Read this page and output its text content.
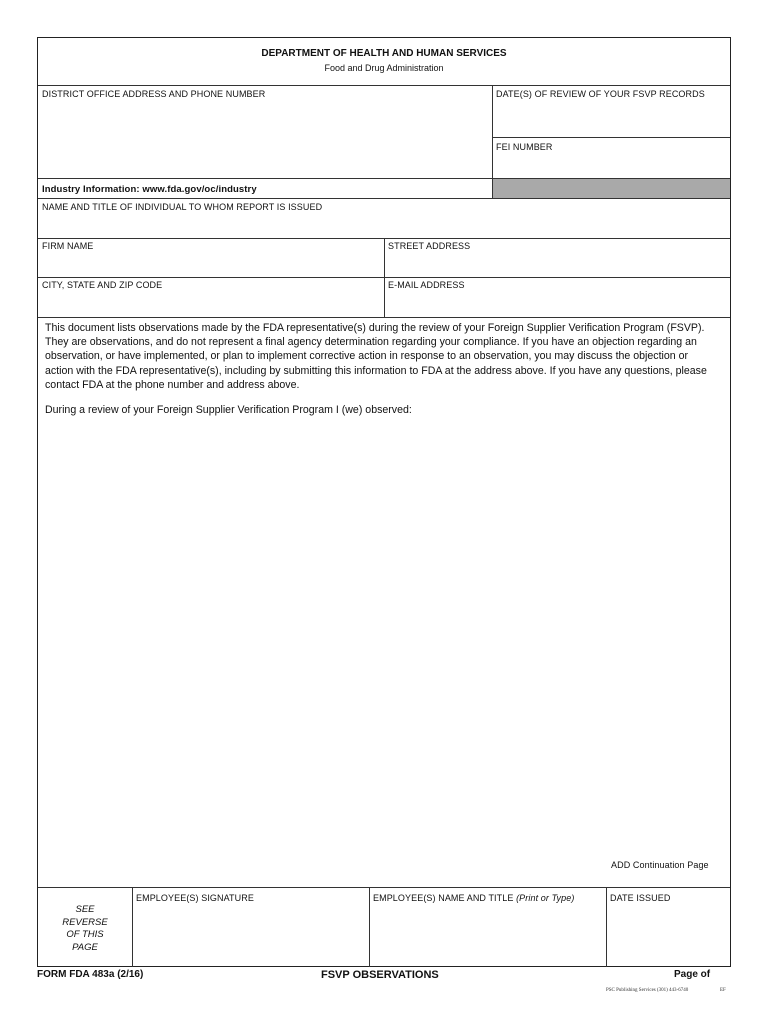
DEPARTMENT OF HEALTH AND HUMAN SERVICES
Food and Drug Administration
DISTRICT OFFICE ADDRESS AND PHONE NUMBER	DATE(S) OF REVIEW OF YOUR FSVP RECORDS
FEI NUMBER
Industry Information: www.fda.gov/oc/industry
NAME AND TITLE OF INDIVIDUAL TO WHOM REPORT IS ISSUED
FIRM NAME	STREET ADDRESS
CITY, STATE AND ZIP CODE	E-MAIL ADDRESS
This document lists observations made by the FDA representative(s) during the review of your Foreign Supplier Verification Program (FSVP). They are observations, and do not represent a final agency determination regarding your compliance. If you have an objection regarding an observation, or have implemented, or plan to implement corrective action in response to an observation, you may discuss the objection or action with the FDA representative(s), including by submitting this information to FDA at the address above. If you have any questions, please contact FDA at the phone number and address above.
During a review of your Foreign Supplier Verification Program I (we) observed:
ADD Continuation Page
SEE
REVERSE
OF THIS
PAGE
EMPLOYEE(S) SIGNATURE	EMPLOYEE(S) NAME AND TITLE (Print or Type)	DATE ISSUED
FORM FDA 483a (2/16)	FSVP OBSERVATIONS	Page of
PSC Publishing Services (301) 443-6740	EF
